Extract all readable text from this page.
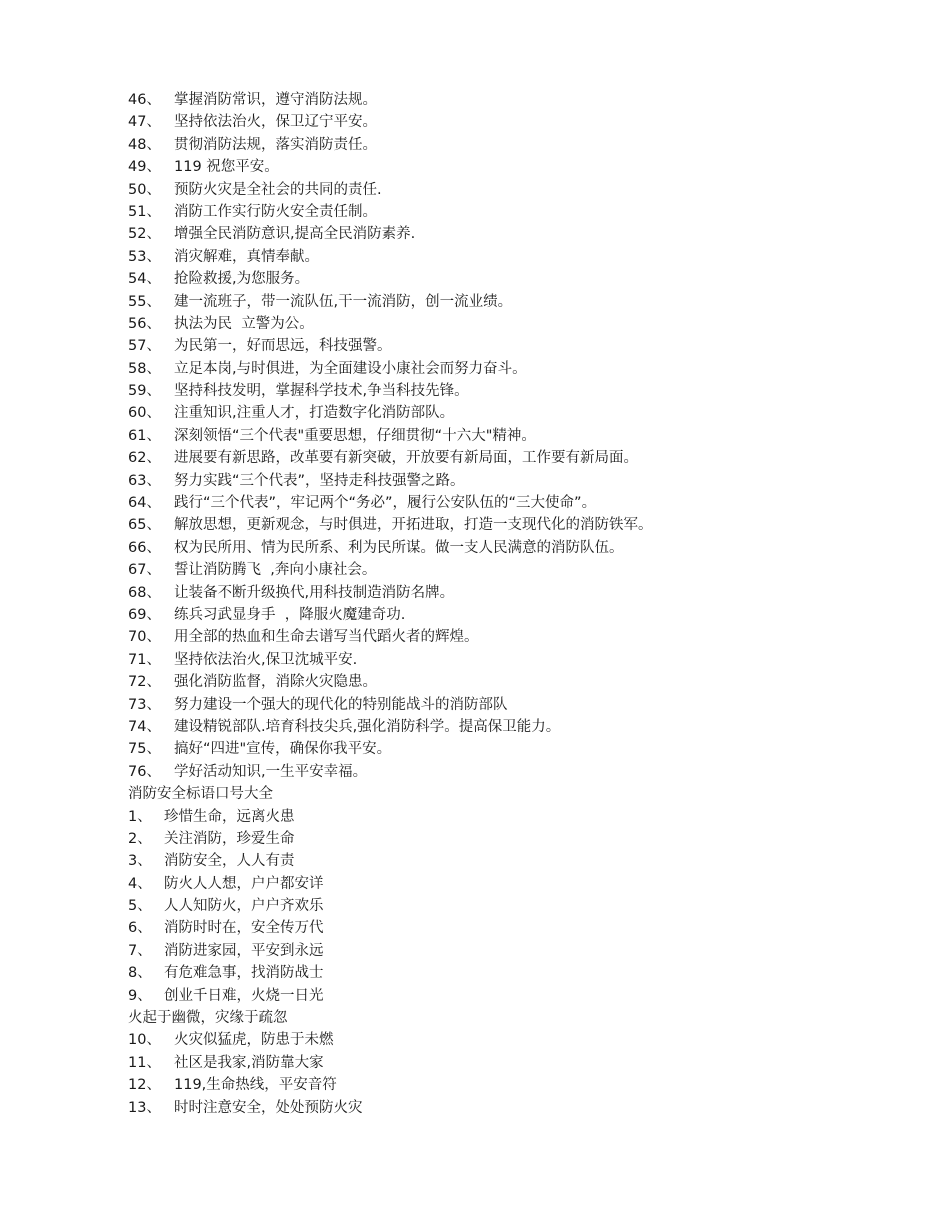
46、 掌握消防常识，遵守消防法规。
47、 坚持依法治火，保卫辽宁平安。
48、 贯彻消防法规，落实消防责任。
49、 119 祝您平安。
50、 预防火灾是全社会的共同的责任.
51、 消防工作实行防火安全责任制。
52、 增强全民消防意识,提高全民消防素养.
53、 消灾解难，真情奉献。
54、 抢险救援,为您服务。
55、 建一流班子，带一流队伍,干一流消防，创一流业绩。
56、 执法为民  立警为公。
57、 为民第一，好而思远，科技强警。
58、 立足本岗,与时俱进，为全面建设小康社会而努力奋斗。
59、 坚持科技发明，掌握科学技术,争当科技先锋。
60、 注重知识,注重人才，打造数字化消防部队。
61、 深刻领悟“三个代表"重要思想，仔细贯彻“十六大"精神。
62、 进展要有新思路，改革要有新突破，开放要有新局面，工作要有新局面。
63、 努力实践“三个代表”，坚持走科技强警之路。
64、 践行“三个代表”，牢记两个“务必”，履行公安队伍的“三大使命”。
65、 解放思想，更新观念，与时俱进，开拓进取，打造一支现代化的消防铁军。
66、 权为民所用、情为民所系、利为民所谋。做一支人民满意的消防队伍。
67、 誓让消防腾飞  ,奔向小康社会。
68、 让装备不断升级换代,用科技制造消防名牌。
69、 练兵习武显身手  ，降服火魔建奇功.
70、 用全部的热血和生命去谱写当代蹈火者的辉煌。
71、 坚持依法治火,保卫沈城平安.
72、 强化消防监督，消除火灾隐患。
73、 努力建设一个强大的现代化的特别能战斗的消防部队
74、 建设精锐部队.培育科技尖兵,强化消防科学。提高保卫能力。
75、 搞好“四进"宣传，确保你我平安。
76、 学好活动知识,一生平安幸福。
消防安全标语口号大全
1、 珍惜生命，远离火患
2、 关注消防，珍爱生命
3、 消防安全，人人有责
4、 防火人人想，户户都安详
5、 人人知防火，户户齐欢乐
6、 消防时时在，安全传万代
7、 消防进家园，平安到永远
8、 有危难急事，找消防战士
9、 创业千日难，火烧一日光
火起于幽微，灾缘于疏忽
10、 火灾似猛虎，防患于未燃
11、 社区是我家,消防靠大家
12、 119,生命热线，平安音符
13、 时时注意安全，处处预防火灾
